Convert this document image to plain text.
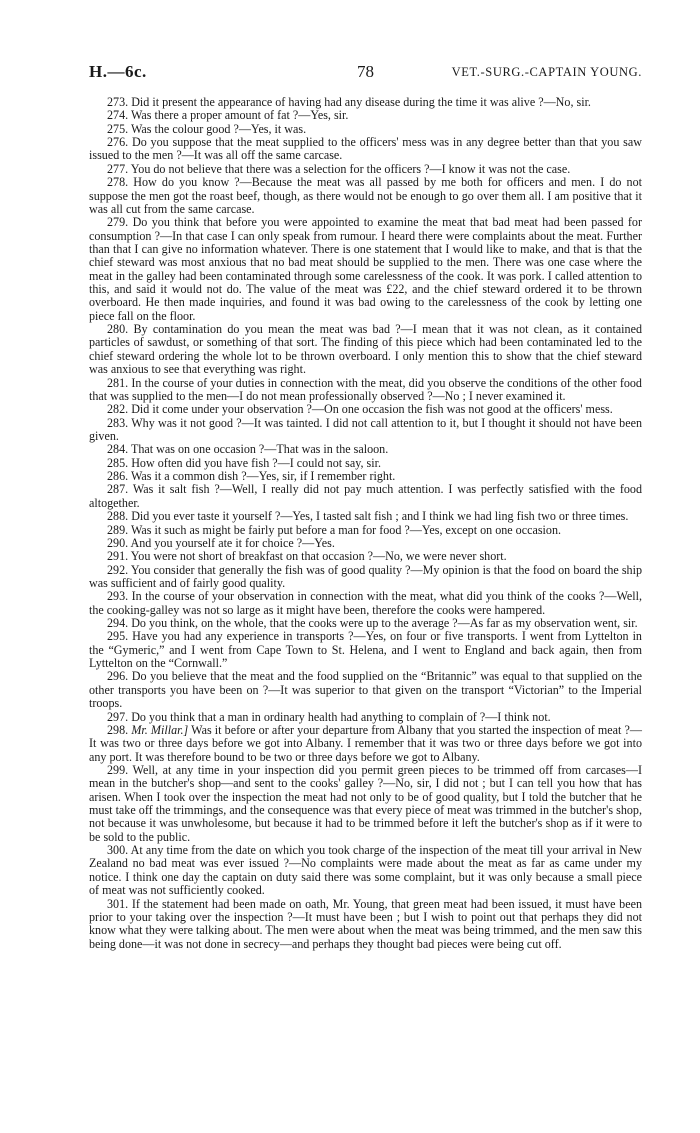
H.—6c.	78	VET.-SURG.-CAPTAIN YOUNG.

273. Did it present the appearance of having had any disease during the time it was alive ?—No, sir.

274. Was there a proper amount of fat ?—Yes, sir.

275. Was the colour good ?—Yes, it was.

276. Do you suppose that the meat supplied to the officers' mess was in any degree better than that you saw issued to the men ?—It was all off the same carcase.

277. You do not believe that there was a selection for the officers ?—I know it was not the case.

278. How do you know ?—Because the meat was all passed by me both for officers and men. I do not suppose the men got the roast beef, though, as there would not be enough to go over them all. I am positive that it was all cut from the same carcase.

279. Do you think that before you were appointed to examine the meat that bad meat had been passed for consumption ?—In that case I can only speak from rumour. I heard there were complaints about the meat. Further than that I can give no information whatever. There is one statement that I would like to make, and that is that the chief steward was most anxious that no bad meat should be supplied to the men. There was one case where the meat in the galley had been contaminated through some carelessness of the cook. It was pork. I called attention to this, and said it would not do. The value of the meat was £22, and the chief steward ordered it to be thrown overboard. He then made inquiries, and found it was bad owing to the carelessness of the cook by letting one piece fall on the floor.

280. By contamination do you mean the meat was bad ?—I mean that it was not clean, as it contained particles of sawdust, or something of that sort. The finding of this piece which had been contaminated led to the chief steward ordering the whole lot to be thrown overboard. I only mention this to show that the chief steward was anxious to see that everything was right.

281. In the course of your duties in connection with the meat, did you observe the conditions of the other food that was supplied to the men—I do not mean professionally observed ?—No ; I never examined it.

282. Did it come under your observation ?—On one occasion the fish was not good at the officers' mess.

283. Why was it not good ?—It was tainted. I did not call attention to it, but I thought it should not have been given.

284. That was on one occasion ?—That was in the saloon.

285. How often did you have fish ?—I could not say, sir.

286. Was it a common dish ?—Yes, sir, if I remember right.

287. Was it salt fish ?—Well, I really did not pay much attention. I was perfectly satisfied with the food altogether.

288. Did you ever taste it yourself ?—Yes, I tasted salt fish ; and I think we had ling fish two or three times.

289. Was it such as might be fairly put before a man for food ?—Yes, except on one occasion.

290. And you yourself ate it for choice ?—Yes.

291. You were not short of breakfast on that occasion ?—No, we were never short.

292. You consider that generally the fish was of good quality ?—My opinion is that the food on board the ship was sufficient and of fairly good quality.

293. In the course of your observation in connection with the meat, what did you think of the cooks ?—Well, the cooking-galley was not so large as it might have been, therefore the cooks were hampered.

294. Do you think, on the whole, that the cooks were up to the average ?—As far as my observation went, sir.

295. Have you had any experience in transports ?—Yes, on four or five transports. I went from Lyttelton in the “Gymeric,” and I went from Cape Town to St. Helena, and I went to England and back again, then from Lyttelton on the “Cornwall.”

296. Do you believe that the meat and the food supplied on the “Britannic” was equal to that supplied on the other transports you have been on ?—It was superior to that given on the transport “Victorian” to the Imperial troops.

297. Do you think that a man in ordinary health had anything to complain of ?—I think not.

298. Mr. Millar.] Was it before or after your departure from Albany that you started the inspection of meat ?—It was two or three days before we got into Albany. I remember that it was two or three days before we got into any port. It was therefore bound to be two or three days before we got to Albany.

299. Well, at any time in your inspection did you permit green pieces to be trimmed off from carcases—I mean in the butcher's shop—and sent to the cooks' galley ?—No, sir, I did not ; but I can tell you how that has arisen. When I took over the inspection the meat had not only to be of good quality, but I told the butcher that he must take off the trimmings, and the consequence was that every piece of meat was trimmed in the butcher's shop, not because it was unwholesome, but because it had to be trimmed before it left the butcher's shop as if it were to be sold to the public.

300. At any time from the date on which you took charge of the inspection of the meat till your arrival in New Zealand no bad meat was ever issued ?—No complaints were made about the meat as far as came under my notice. I think one day the captain on duty said there was some complaint, but it was only because a small piece of meat was not sufficiently cooked.

301. If the statement had been made on oath, Mr. Young, that green meat had been issued, it must have been prior to your taking over the inspection ?—It must have been ; but I wish to point out that perhaps they did not know what they were talking about. The men were about when the meat was being trimmed, and the men saw this being done—it was not done in secrecy—and perhaps they thought bad pieces were being cut off.
